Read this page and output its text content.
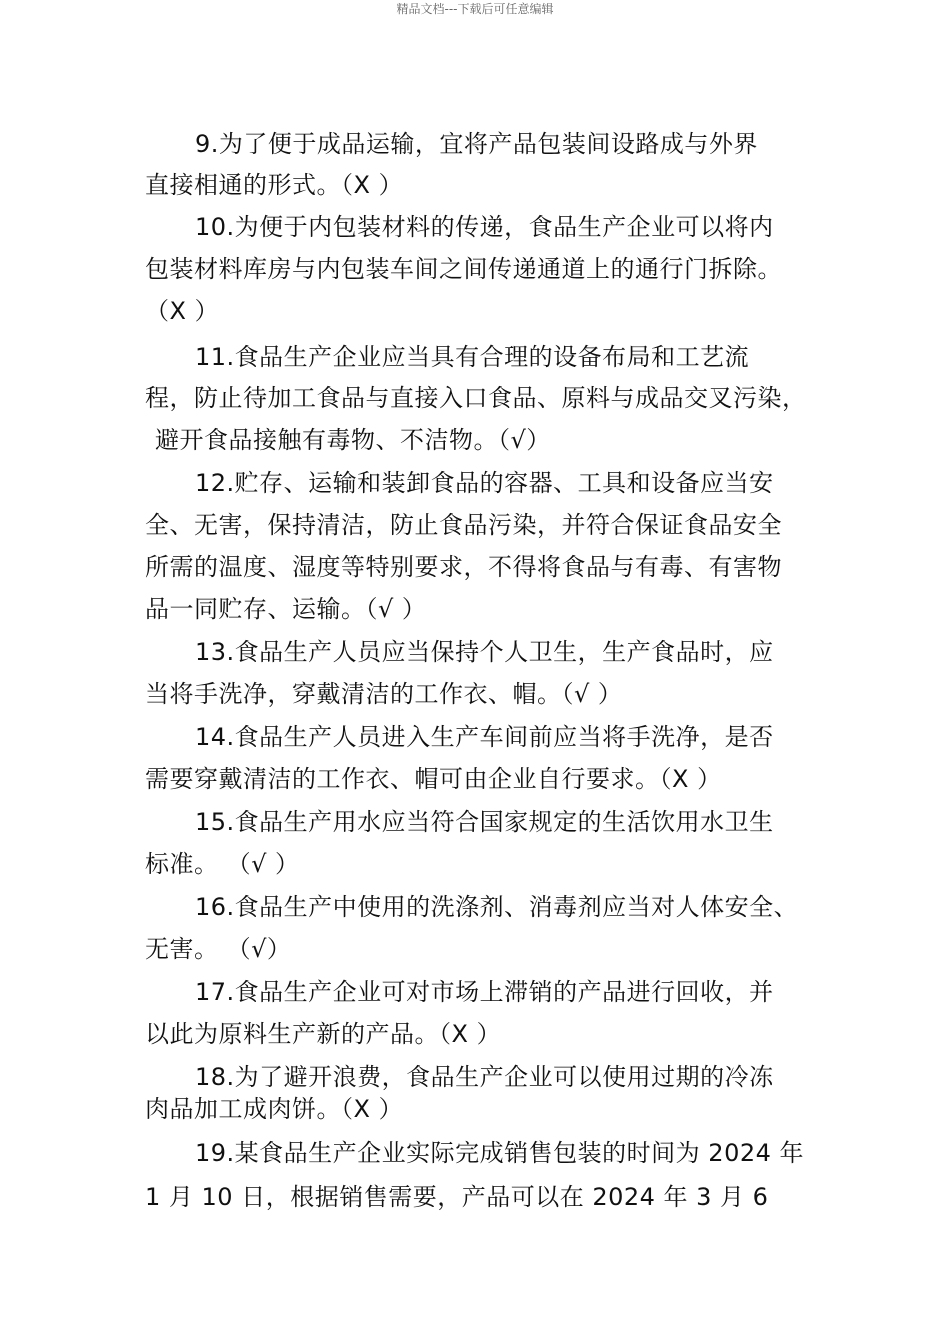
精品文档---下载后可任意编辑
9.为了便于成品运输，宜将产品包装间设路成与外界
直接相通的形式。（X ）
10.为便于内包装材料的传递，食品生产企业可以将内
包装材料库房与内包装车间之间传递通道上的通行门拆除。
（X ）
11.食品生产企业应当具有合理的设备布局和工艺流
程，防止待加工食品与直接入口食品、原料与成品交叉污染，
避开食品接触有毒物、不洁物。（√）
12.贮存、运输和装卸食品的容器、工具和设备应当安
全、无害，保持清洁，防止食品污染，并符合保证食品安全
所需的温度、湿度等特别要求，不得将食品与有毒、有害物
品一同贮存、运输。（√ ）
13.食品生产人员应当保持个人卫生，生产食品时，应
当将手洗净，穿戴清洁的工作衣、帽。（√ ）
14.食品生产人员进入生产车间前应当将手洗净，是否
需要穿戴清洁的工作衣、帽可由企业自行要求。（X ）
15.食品生产用水应当符合国家规定的生活饮用水卫生
标准。 （√ ）
16.食品生产中使用的洗涤剂、消毒剂应当对人体安全、
无害。 （√）
17.食品生产企业可对市场上滞销的产品进行回收，并
以此为原料生产新的产品。（X ）
18.为了避开浪费，食品生产企业可以使用过期的冷冻
肉品加工成肉饼。（X ）
19.某食品生产企业实际完成销售包装的时间为 2024 年
1 月 10 日，根据销售需要，产品可以在 2024 年 3 月 6
